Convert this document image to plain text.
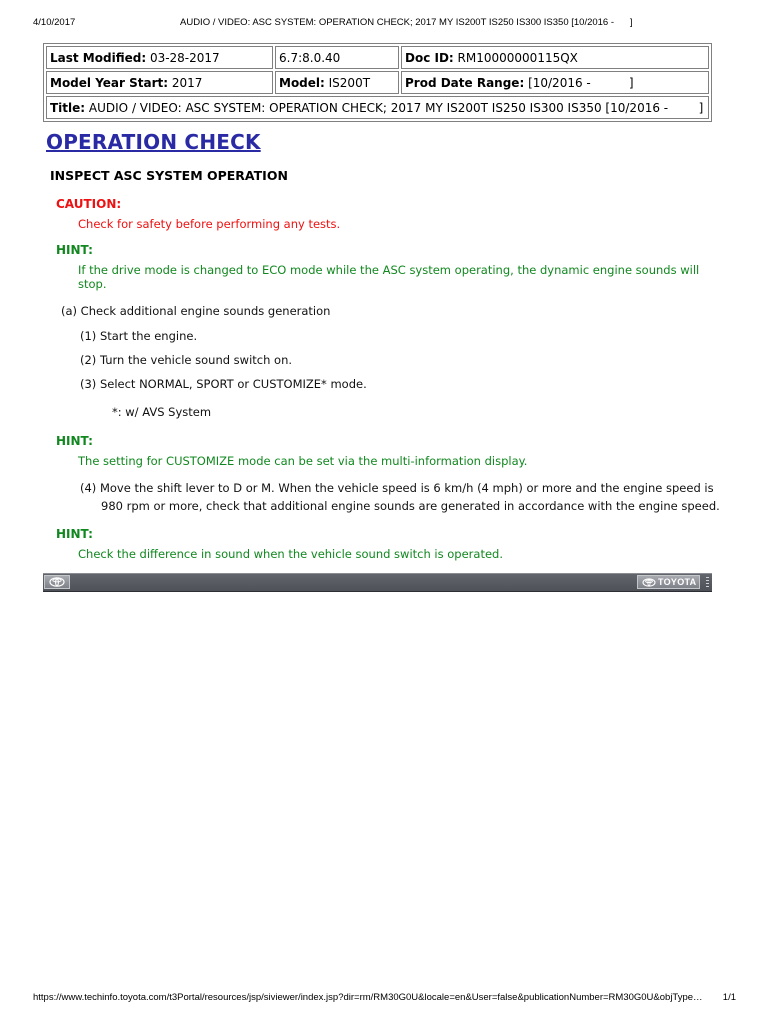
4/10/2017	AUDIO / VIDEO: ASC SYSTEM: OPERATION CHECK; 2017 MY IS200T IS250 IS300 IS350 [10/2016 -      ]
Last Modified: 03-28-2017	6.7:8.0.40	Doc ID: RM10000000115QX
Model Year Start: 2017	Model: IS200T	Prod Date Range: [10/2016 -          ]
Title: AUDIO / VIDEO: ASC SYSTEM: OPERATION CHECK; 2017 MY IS200T IS250 IS300 IS350 [10/2016 -        ]		
OPERATION CHECK
INSPECT ASC SYSTEM OPERATION
CAUTION:
Check for safety before performing any tests.
HINT:
If the drive mode is changed to ECO mode while the ASC system operating, the dynamic engine sounds will
stop.
(a) Check additional engine sounds generation
(1) Start the engine.
(2) Turn the vehicle sound switch on.
(3) Select NORMAL, SPORT or CUSTOMIZE* mode.
*: w/ AVS System
HINT:
The setting for CUSTOMIZE mode can be set via the multi-information display.
(4) Move the shift lever to D or M. When the vehicle speed is 6 km/h (4 mph) or more and the engine speed is
980 rpm or more, check that additional engine sounds are generated in accordance with the engine speed.
HINT:
Check the difference in sound when the vehicle sound switch is operated.
TOYOTA
https://www.techinfo.toyota.com/t3Portal/resources/jsp/siviewer/index.jsp?dir=rm/RM30G0U&locale=en&User=false&publicationNumber=RM30G0U&objType… 1/1
